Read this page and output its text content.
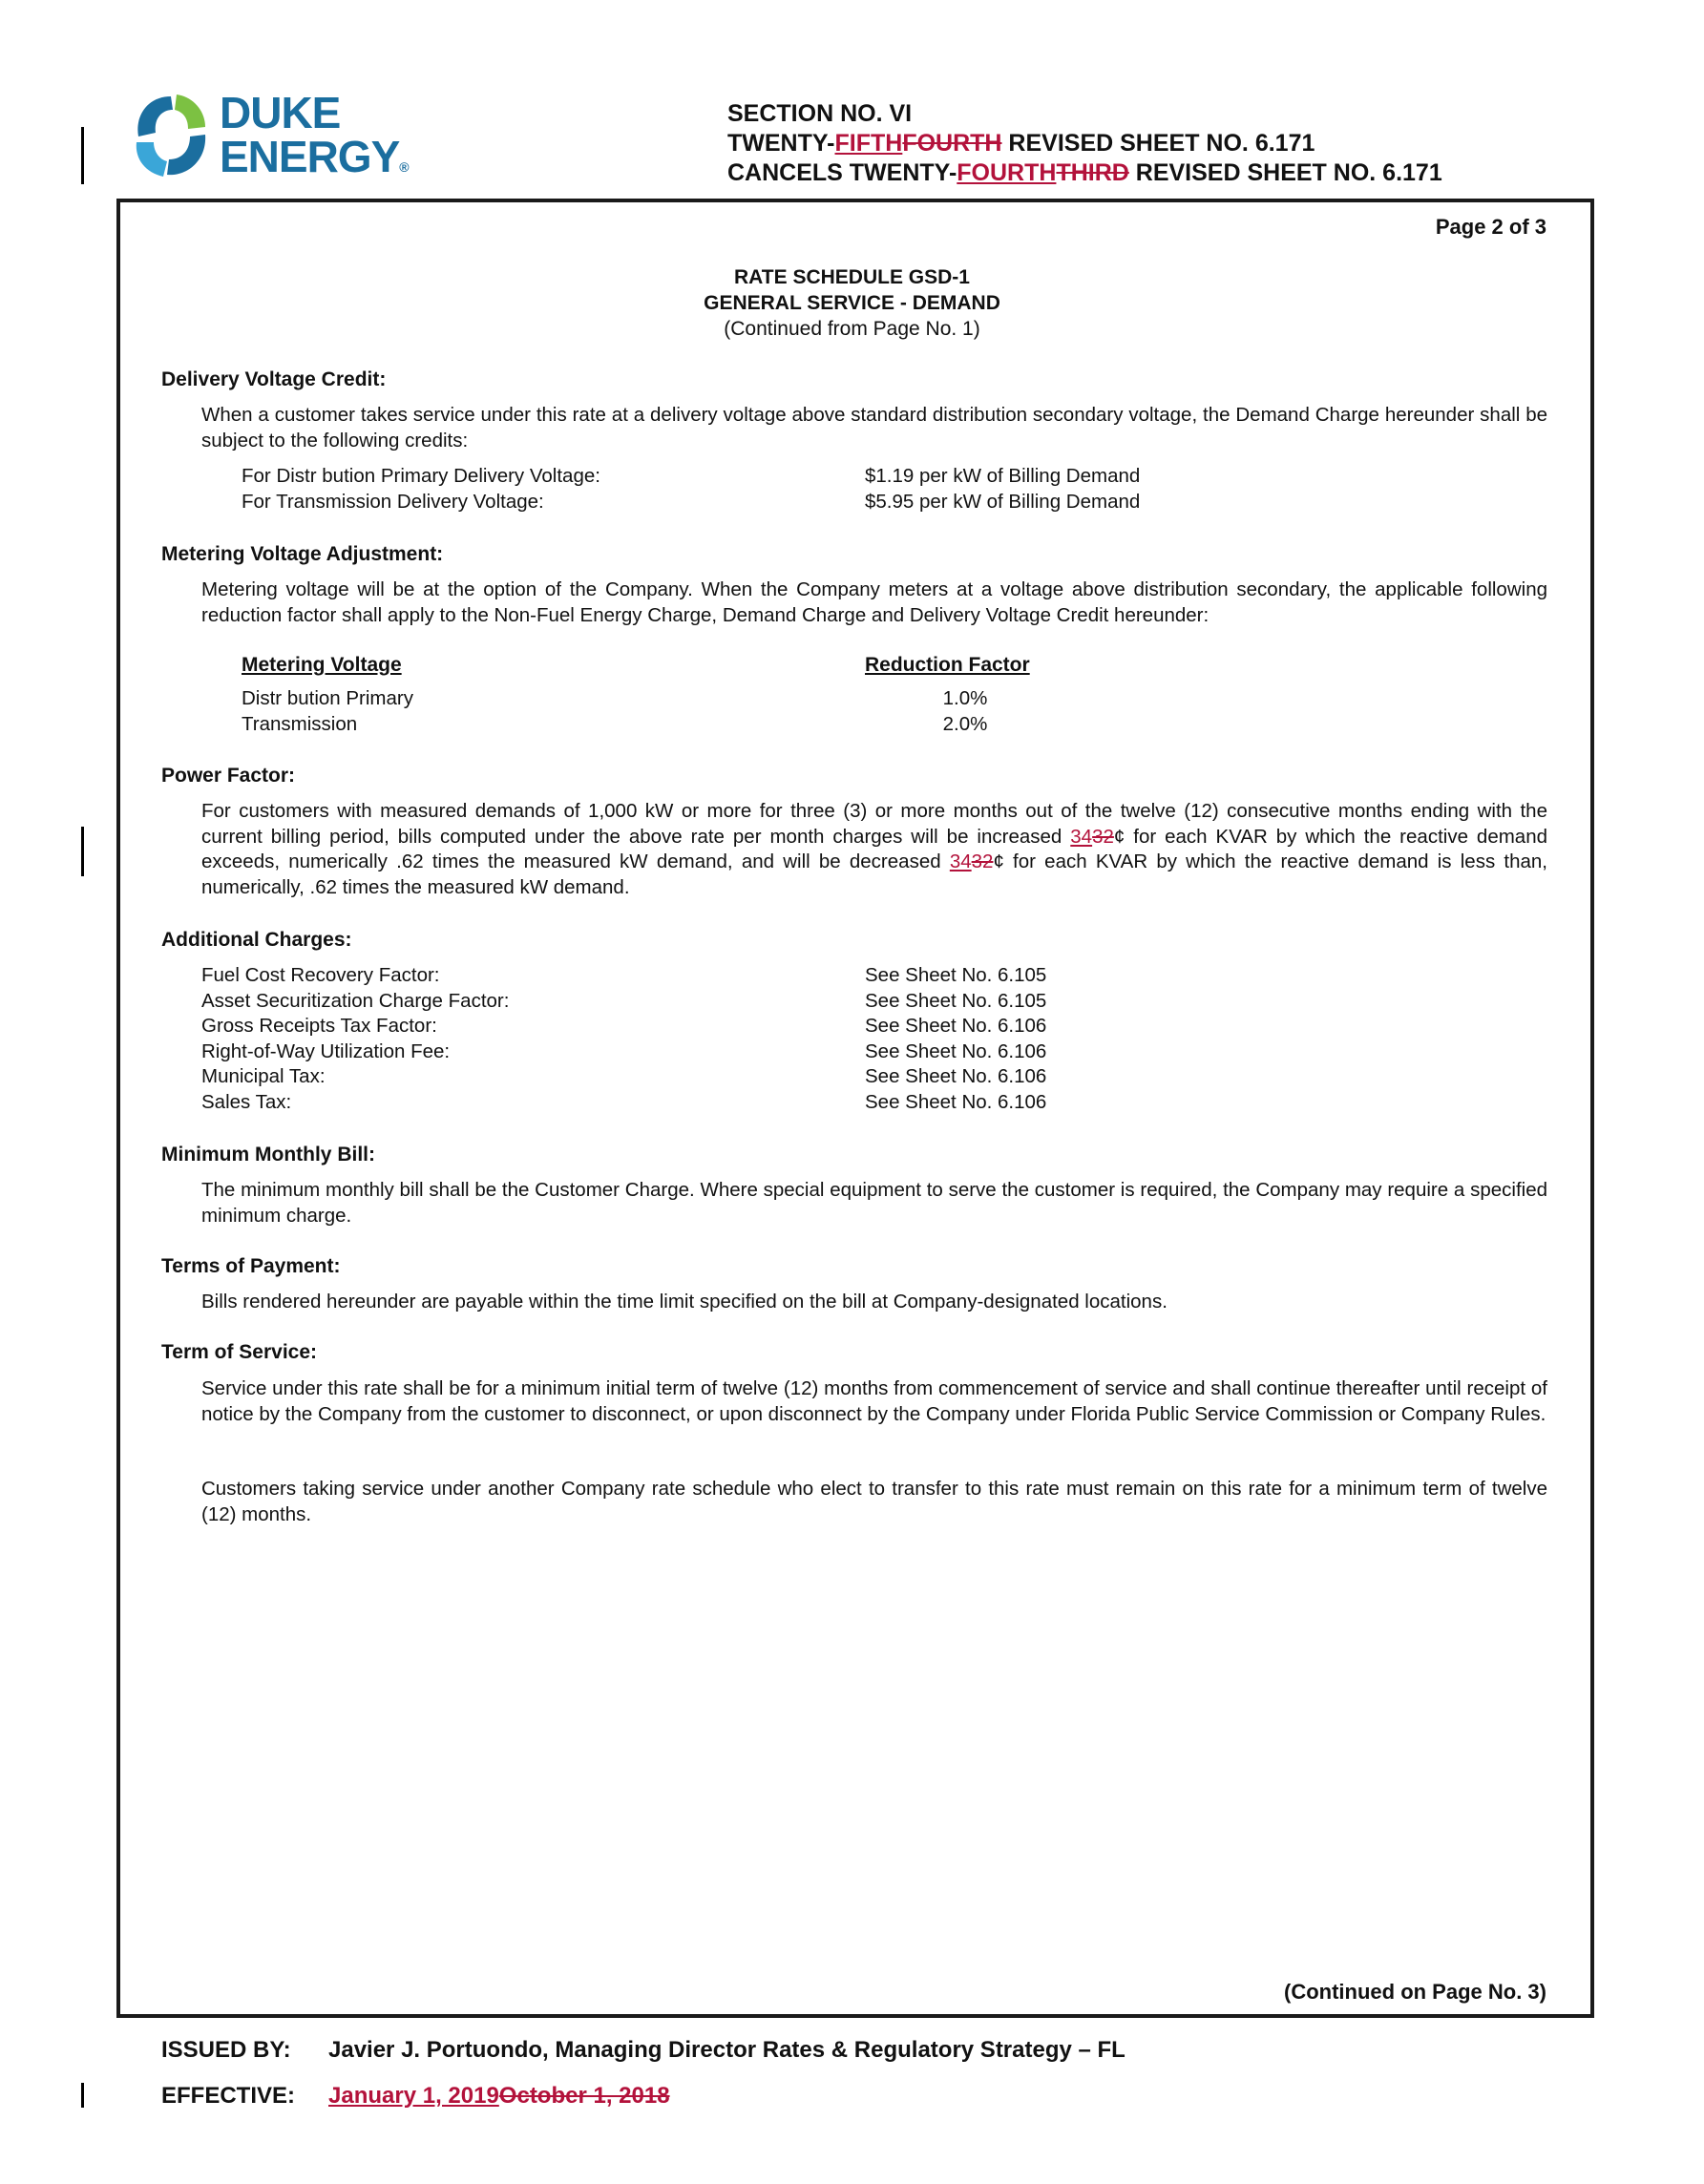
DUKE
ENERGY®
SECTION NO. VI
TWENTY-FIFTHFOURTH REVISED SHEET NO. 6.171
CANCELS TWENTY-FOURTHTHIRD REVISED SHEET NO. 6.171
Page 2 of 3
RATE SCHEDULE GSD-1
GENERAL SERVICE - DEMAND
(Continued from Page No. 1)
Delivery Voltage Credit:
When a customer takes service under this rate at a delivery voltage above standard distribution secondary voltage, the Demand Charge hereunder shall be subject to the following credits:
For Distr bution Primary Delivery Voltage:	$1.19 per kW of Billing Demand
For Transmission Delivery Voltage:	$5.95 per kW of Billing Demand
Metering Voltage Adjustment:
Metering voltage will be at the option of the Company. When the Company meters at a voltage above distribution secondary, the applicable following reduction factor shall apply to the Non-Fuel Energy Charge, Demand Charge and Delivery Voltage Credit hereunder:
Metering Voltage	Reduction Factor
Distr bution Primary	1.0%
Transmission	2.0%
Power Factor:
For customers with measured demands of 1,000 kW or more for three (3) or more months out of the twelve (12) consecutive months ending with the current billing period, bills computed under the above rate per month charges will be increased 3432¢ for each KVAR by which the reactive demand exceeds, numerically .62 times the measured kW demand, and will be decreased 3432¢ for each KVAR by which the reactive demand is less than, numerically, .62 times the measured kW demand.
Additional Charges:
Fuel Cost Recovery Factor:	See Sheet No. 6.105
Asset Securitization Charge Factor:	See Sheet No. 6.105
Gross Receipts Tax Factor:	See Sheet No. 6.106
Right-of-Way Utilization Fee:	See Sheet No. 6.106
Municipal Tax:	See Sheet No. 6.106
Sales Tax:	See Sheet No. 6.106
Minimum Monthly Bill:
The minimum monthly bill shall be the Customer Charge. Where special equipment to serve the customer is required, the Company may require a specified minimum charge.
Terms of Payment:
Bills rendered hereunder are payable within the time limit specified on the bill at Company-designated locations.
Term of Service:
Service under this rate shall be for a minimum initial term of twelve (12) months from commencement of service and shall continue thereafter until receipt of notice by the Company from the customer to disconnect, or upon disconnect by the Company under Florida Public Service Commission or Company Rules.
Customers taking service under another Company rate schedule who elect to transfer to this rate must remain on this rate for a minimum term of twelve (12) months.
(Continued on Page No. 3)
ISSUED BY: Javier J. Portuondo, Managing Director Rates & Regulatory Strategy – FL
EFFECTIVE: January 1, 2019October 1, 2018
